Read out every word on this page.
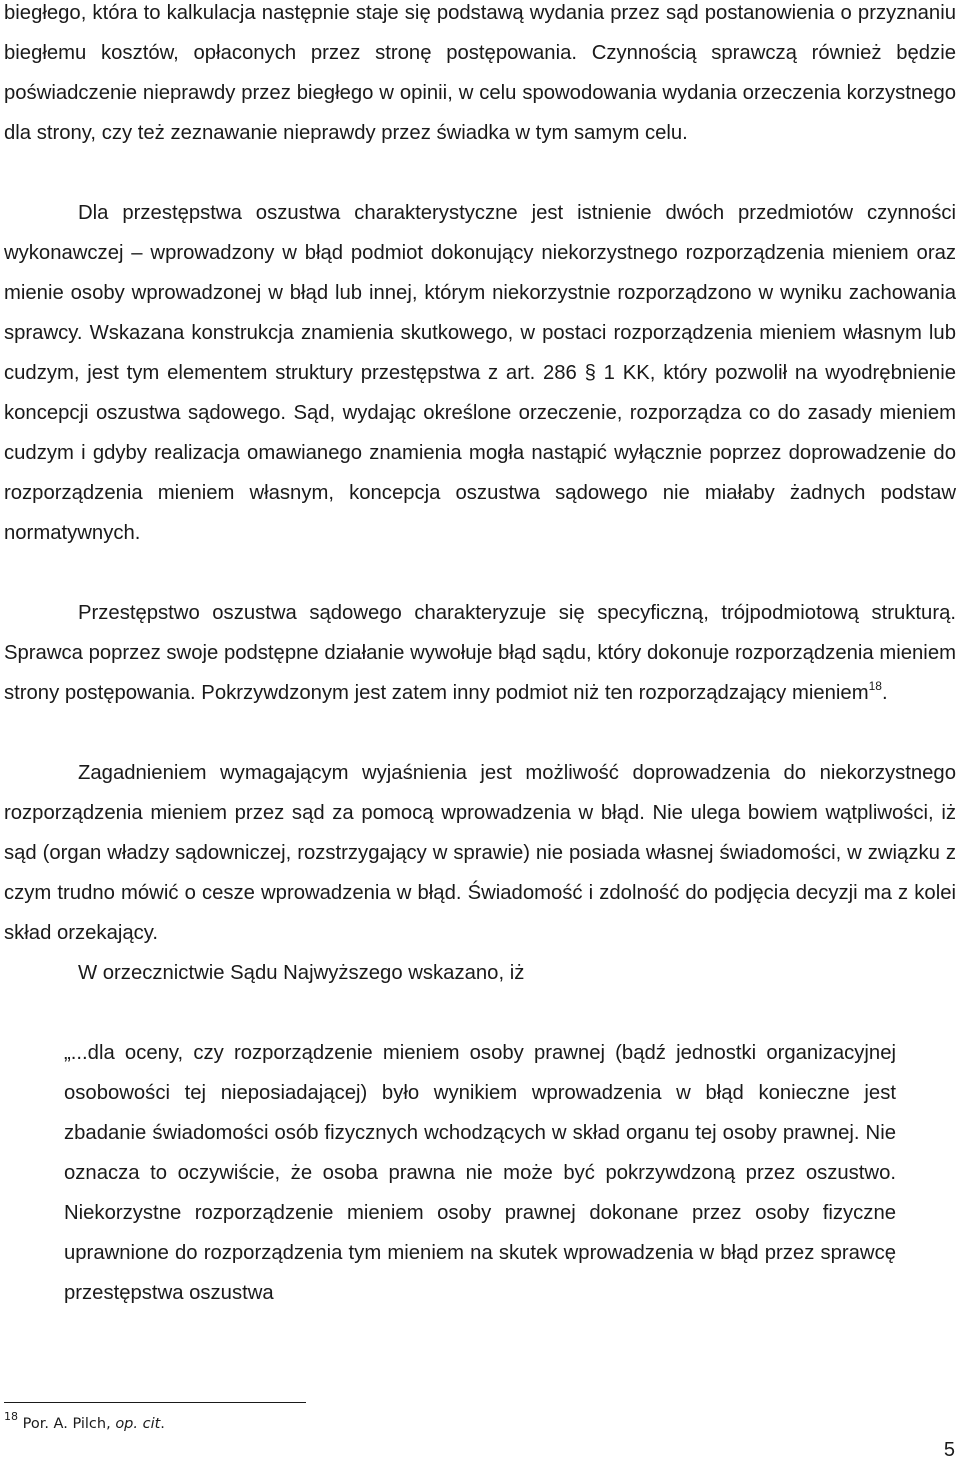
biegłego, która to kalkulacja następnie staje się podstawą wydania przez sąd postanowienia o przyznaniu biegłemu kosztów, opłaconych przez stronę postępowania. Czynnością sprawczą również będzie poświadczenie nieprawdy przez biegłego w opinii, w celu spowodowania wydania orzeczenia korzystnego dla strony, czy też zeznawanie nieprawdy przez świadka w tym samym celu.

Dla przestępstwa oszustwa charakterystyczne jest istnienie dwóch przedmiotów czynności wykonawczej – wprowadzony w błąd podmiot dokonujący niekorzystnego rozporządzenia mieniem oraz mienie osoby wprowadzonej w błąd lub innej, którym niekorzystnie rozporządzono w wyniku zachowania sprawcy. Wskazana konstrukcja znamienia skutkowego, w postaci rozporządzenia mieniem własnym lub cudzym, jest tym elementem struktury przestępstwa z art. 286 § 1 KK, który pozwolił na wyodrębnienie koncepcji oszustwa sądowego. Sąd, wydając określone orzeczenie, rozporządza co do zasady mieniem cudzym i gdyby realizacja omawianego znamienia mogła nastąpić wyłącznie poprzez doprowadzenie do rozporządzenia mieniem własnym, koncepcja oszustwa sądowego nie miałaby żadnych podstaw normatywnych.

Przestępstwo oszustwa sądowego charakteryzuje się specyficzną, trójpodmiotową strukturą. Sprawca poprzez swoje podstępne działanie wywołuje błąd sądu, który dokonuje rozporządzenia mieniem strony postępowania. Pokrzywdzonym jest zatem inny podmiot niż ten rozporządzający mieniem$^{18}$.

Zagadnieniem wymagającym wyjaśnienia jest możliwość doprowadzenia do niekorzystnego rozporządzenia mieniem przez sąd za pomocą wprowadzenia w błąd. Nie ulega bowiem wątpliwości, iż sąd (organ władzy sądowniczej, rozstrzygający w sprawie) nie posiada własnej świadomości, w związku z czym trudno mówić o cesze wprowadzenia w błąd. Świadomość i zdolność do podjęcia decyzji ma z kolei skład orzekający.

W orzecznictwie Sądu Najwyższego wskazano, iż

„...dla oceny, czy rozporządzenie mieniem osoby prawnej (bądź jednostki organizacyjnej osobowości tej nieposiadającej) było wynikiem wprowadzenia w błąd konieczne jest zbadanie świadomości osób fizycznych wchodzących w skład organu tej osoby prawnej. Nie oznacza to oczywiście, że osoba prawna nie może być pokrzywdzoną przez oszustwo. Niekorzystne rozporządzenie mieniem osoby prawnej dokonane przez osoby fizyczne uprawnione do rozporządzenia tym mieniem na skutek wprowadzenia w błąd przez sprawcę przestępstwa oszustwa

$^{18}$ Por. A. Pilch, op. cit.

5
